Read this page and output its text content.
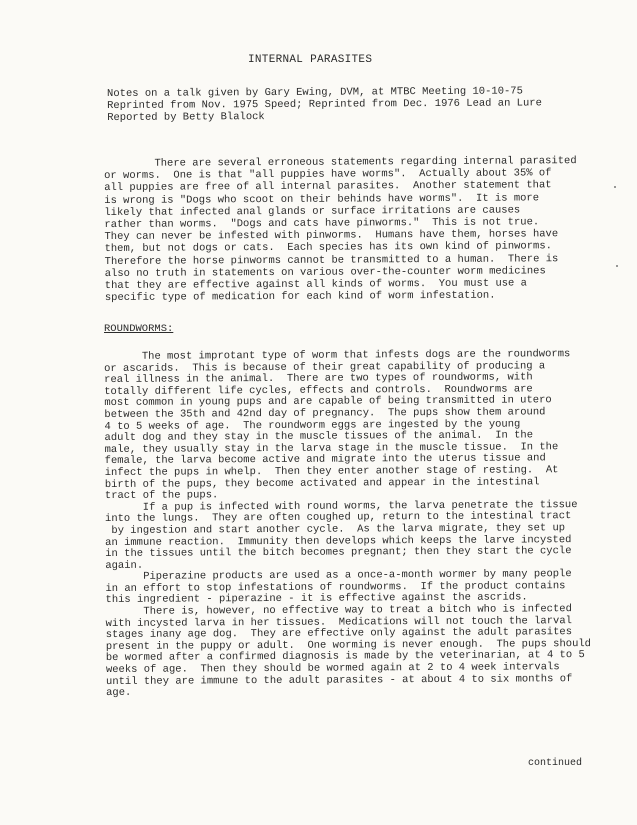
INTERNAL PARASITES
Notes on a talk given by Gary Ewing, DVM, at MTBC Meeting 10-10-75
Reprinted from Nov. 1975 Speed; Reprinted from Dec. 1976 Lead an Lure
Reported by Betty Blalock
There are several erroneous statements regarding internal parasited
or worms.  One is that "all puppies have worms".  Actually about 35% of
all puppies are free of all internal parasites.  Another statement that
is wrong is "Dogs who scoot on their behinds have worms".  It is more
likely that infected anal glands or surface irritations are causes
rather than worms.  "Dogs and cats have pinworms."  This is not true.
They can never be infested with pinworms.  Humans have them, horses have
them, but not dogs or cats.  Each species has its own kind of pinworms.
Therefore the horse pinworms cannot be transmitted to a human.  There is
also no truth in statements on various over-the-counter worm medicines
that they are effective against all kinds of worms.  You must use a
specific type of medication for each kind of worm infestation.
ROUNDWORMS:
The most improtant type of worm that infests dogs are the roundworms
or ascarids.  This is because of their great capability of producing a
real illness in the animal.  There are two types of roundworms, with
totally different life cycles, effects and controls.  Roundworms are
most common in young pups and are capable of being transmitted in utero
between the 35th and 42nd day of pregnancy.  The pups show them around
4 to 5 weeks of age.  The roundworm eggs are ingested by the young
adult dog and they stay in the muscle tissues of the animal.  In the
male, they usually stay in the larva stage in the muscle tissue.  In the
female, the larva become active and migrate into the uterus tissue and
infect the pups in whelp.  Then they enter another stage of resting.  At
birth of the pups, they become activated and appear in the intestinal
tract of the pups.
If a pup is infected with round worms, the larva penetrate the tissue
into the lungs.  They are often coughed up, return to the intestinal tract
by ingestion and start another cycle.  As the larva migrate, they set up
an immune reaction.  Immunity then develops which keeps the larve incysted
in the tissues until the bitch becomes pregnant; then they start the cycle
again.
Piperazine products are used as a once-a-month wormer by many people
in an effort to stop infestations of roundworms.  If the product contains
this ingredient - piperazine - it is effective against the ascrids.
There is, however, no effective way to treat a bitch who is infected
with incysted larva in her tissues.  Medications will not touch the larval
stages inany age dog.  They are effective only against the adult parasites
present in the puppy or adult.  One worming is never enough.  The pups should
be wormed after a confirmed diagnosis is made by the veterinarian, at 4 to 5
weeks of age.  Then they should be wormed again at 2 to 4 week intervals
until they are immune to the adult parasites - at about 4 to six months of
age.
continued
